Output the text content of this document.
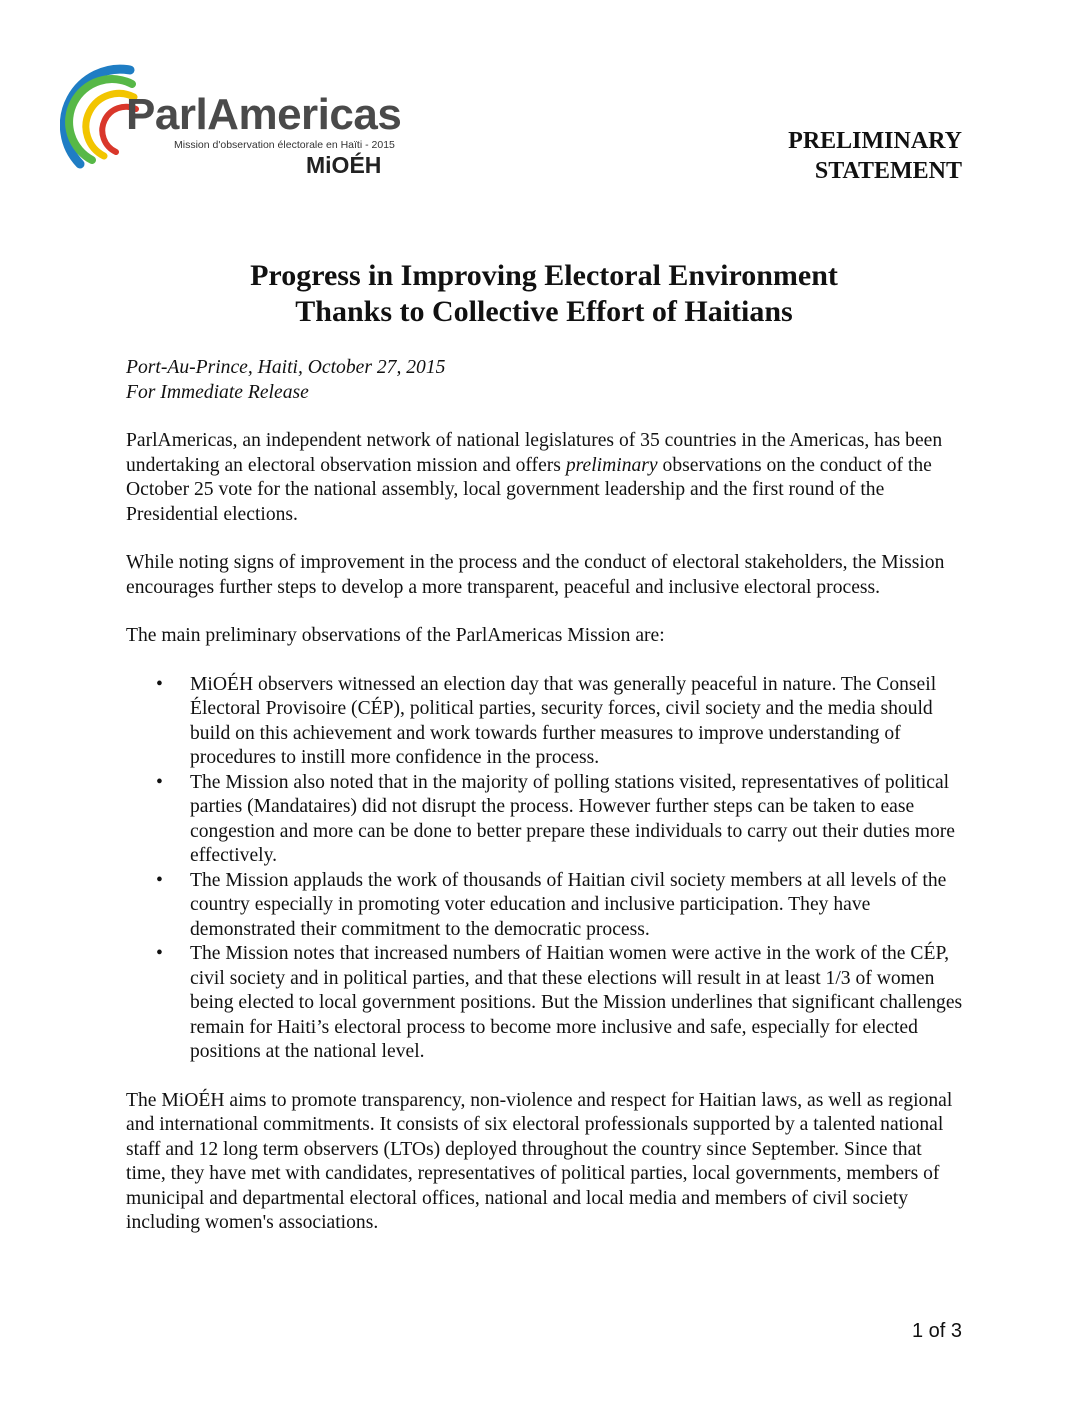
ParlAmericas
Mission d'observation électorale en Haïti - 2015
MiOÉH
PRELIMINARY
STATEMENT
Progress in Improving Electoral Environment
Thanks to Collective Effort of Haitians

Port-Au-Prince, Haiti, October 27, 2015
For Immediate Release

ParlAmericas, an independent network of national legislatures of 35 countries in the Americas, has been undertaking an electoral observation mission and offers preliminary observations on the conduct of the October 25 vote for the national assembly, local government leadership and the first round of the Presidential elections.

While noting signs of improvement in the process and the conduct of electoral stakeholders, the Mission encourages further steps to develop a more transparent, peaceful and inclusive electoral process.

The main preliminary observations of the ParlAmericas Mission are:

• MiOÉH observers witnessed an election day that was generally peaceful in nature. The Conseil Électoral Provisoire (CÉP), political parties, security forces, civil society and the media should build on this achievement and work towards further measures to improve understanding of procedures to instill more confidence in the process.
• The Mission also noted that in the majority of polling stations visited, representatives of political parties (Mandataires) did not disrupt the process. However further steps can be taken to ease congestion and more can be done to better prepare these individuals to carry out their duties more effectively.
• The Mission applauds the work of thousands of Haitian civil society members at all levels of the country especially in promoting voter education and inclusive participation. They have demonstrated their commitment to the democratic process.
• The Mission notes that increased numbers of Haitian women were active in the work of the CÉP, civil society and in political parties, and that these elections will result in at least 1/3 of women being elected to local government positions. But the Mission underlines that significant challenges remain for Haiti’s electoral process to become more inclusive and safe, especially for elected positions at the national level.

The MiOÉH aims to promote transparency, non-violence and respect for Haitian laws, as well as regional and international commitments. It consists of six electoral professionals supported by a talented national staff and 12 long term observers (LTOs) deployed throughout the country since September. Since that time, they have met with candidates, representatives of political parties, local governments, members of municipal and departmental electoral offices, national and local media and members of civil society including women's associations.

1 of 3
